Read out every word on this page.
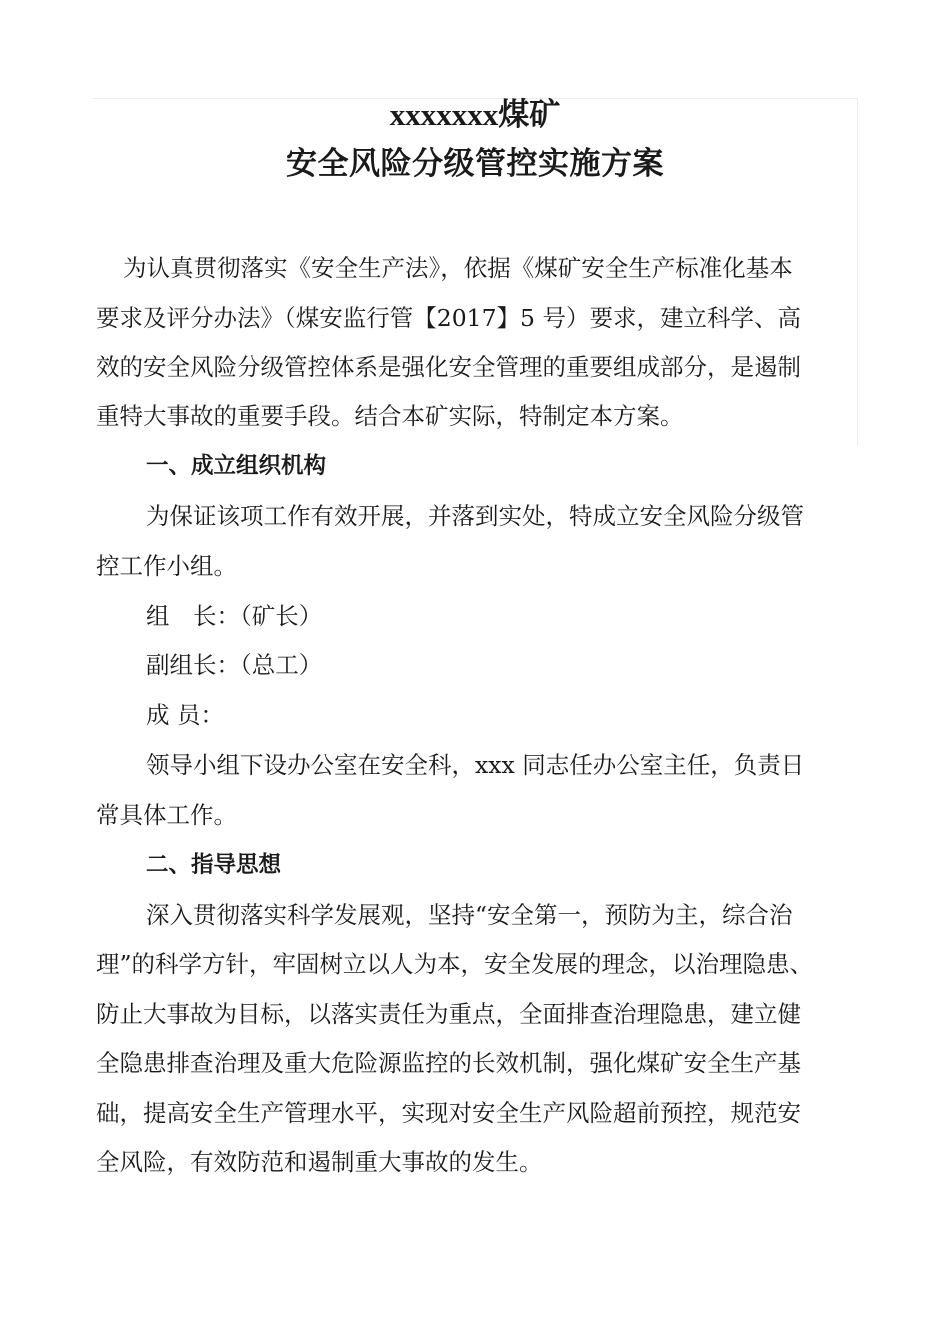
xxxxxxx煤矿
安全风险分级管控实施方案
为认真贯彻落实《安全生产法》，依据《煤矿安全生产标准化基本
要求及评分办法》（煤安监行管【2017】5 号）要求，建立科学、高
效的安全风险分级管控体系是强化安全管理的重要组成部分，是遏制
重特大事故的重要手段。结合本矿实际，特制定本方案。
一、成立组织机构
为保证该项工作有效开展，并落到实处，特成立安全风险分级管
控工作小组。
组　长：（矿长）
副组长：（总工）
成 员：
领导小组下设办公室在安全科，xxx 同志任办公室主任，负责日
常具体工作。
二、指导思想
深入贯彻落实科学发展观，坚持“安全第一，预防为主，综合治
理”的科学方针，牢固树立以人为本，安全发展的理念，以治理隐患、
防止大事故为目标，以落实责任为重点，全面排查治理隐患，建立健
全隐患排查治理及重大危险源监控的长效机制，强化煤矿安全生产基
础，提高安全生产管理水平，实现对安全生产风险超前预控，规范安
全风险，有效防范和遏制重大事故的发生。
